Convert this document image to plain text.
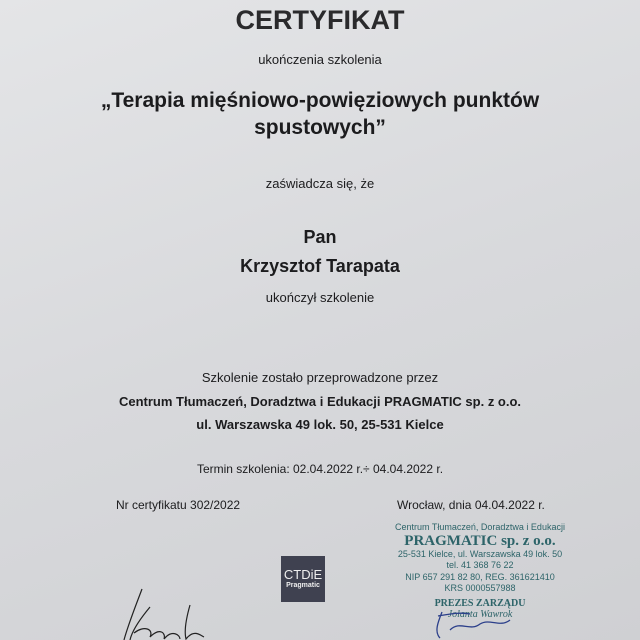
CERTYFIKAT
ukończenia szkolenia
„Terapia mięśniowo-powięziowych punktów
spustowych”
zaświadcza się, że
Pan
Krzysztof Tarapata
ukończył szkolenie
Szkolenie zostało przeprowadzone przez
Centrum Tłumaczeń, Doradztwa i Edukacji PRAGMATIC sp. z o.o.
ul. Warszawska 49 lok. 50, 25-531 Kielce
Termin szkolenia: 02.04.2022 r.÷ 04.04.2022 r.
Nr certyfikatu 302/2022	Wrocław, dnia 04.04.2022 r.
CTDiE
Pragmatic
Centrum Tłumaczeń, Doradztwa i Edukacji
PRAGMATIC sp. z o.o.
25-531 Kielce, ul. Warszawska 49 lok. 50
tel. 41 368 76 22
NIP 657 291 82 80, REG. 361621410
KRS 0000557988
PREZES ZARZĄDU
Jolanta Wawrok
